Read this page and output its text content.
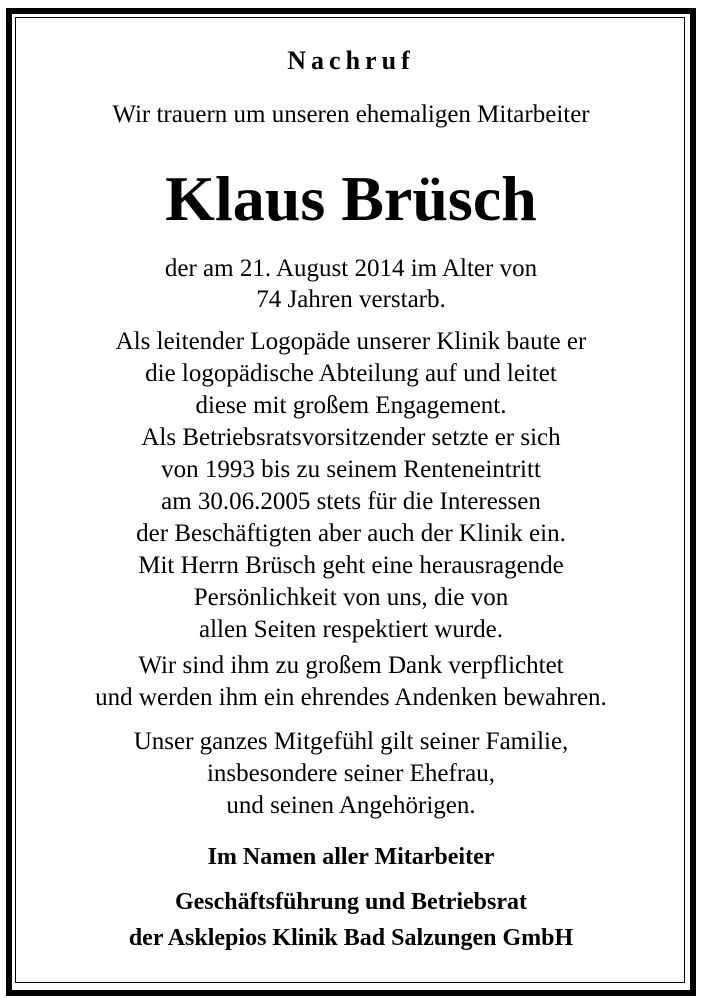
Nachruf
Wir trauern um unseren ehemaligen Mitarbeiter
Klaus Brüsch
der am 21. August 2014 im Alter von
74 Jahren verstarb.
Als leitender Logopäde unserer Klinik baute er
die logopädische Abteilung auf und leitet
diese mit großem Engagement.
Als Betriebsratsvorsitzender setzte er sich
von 1993 bis zu seinem Renteneintritt
am 30.06.2005 stets für die Interessen
der Beschäftigten aber auch der Klinik ein.
Mit Herrn Brüsch geht eine herausragende
Persönlichkeit von uns, die von
allen Seiten respektiert wurde.
Wir sind ihm zu großem Dank verpflichtet
und werden ihm ein ehrendes Andenken bewahren.
Unser ganzes Mitgefühl gilt seiner Familie,
insbesondere seiner Ehefrau,
und seinen Angehörigen.
Im Namen aller Mitarbeiter
Geschäftsführung und Betriebsrat
der Asklepios Klinik Bad Salzungen GmbH
